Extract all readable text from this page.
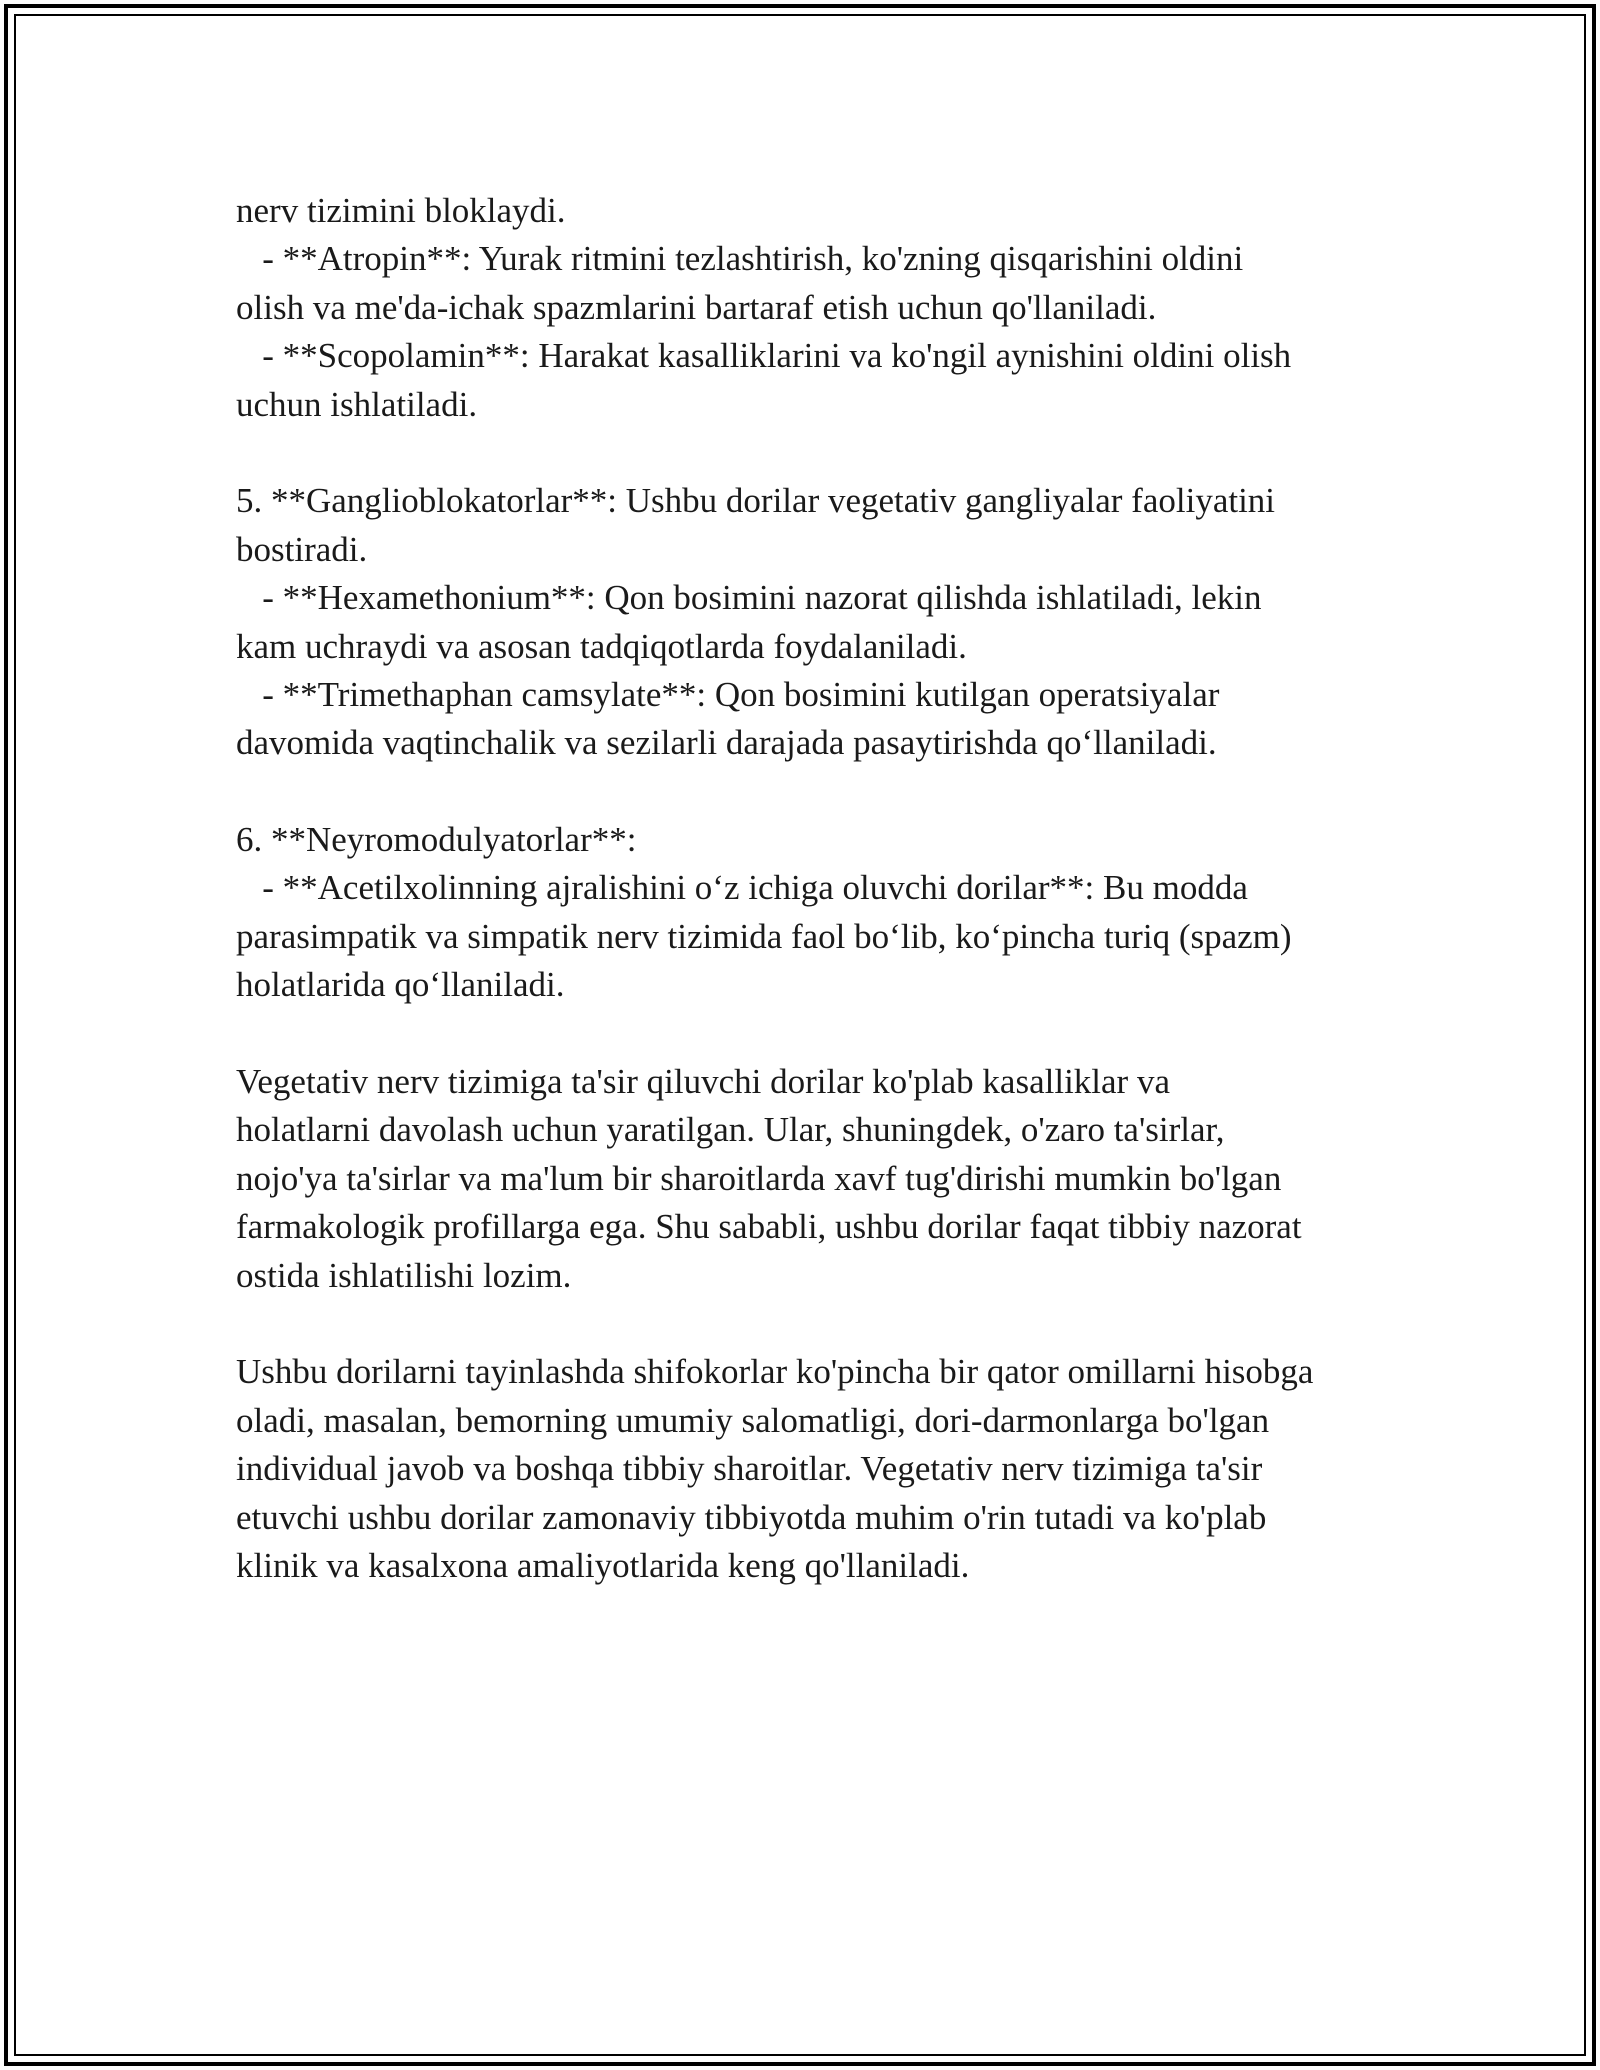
nerv tizimini bloklaydi.
- **Atropin**: Yurak ritmini tezlashtirish, ko'zning qisqarishini oldini
olish va me'da-ichak spazmlarini bartaraf etish uchun qo'llaniladi.
- **Scopolamin**: Harakat kasalliklarini va ko'ngil aynishini oldini olish
uchun ishlatiladi.
5. **Ganglioblokatorlar**: Ushbu dorilar vegetativ gangliyalar faoliyatini
bostiradi.
- **Hexamethonium**: Qon bosimini nazorat qilishda ishlatiladi, lekin
kam uchraydi va asosan tadqiqotlarda foydalaniladi.
- **Trimethaphan camsylate**: Qon bosimini kutilgan operatsiyalar
davomida vaqtinchalik va sezilarli darajada pasaytirishda qo‘llaniladi.
6. **Neyromodulyatorlar**:
- **Acetilxolinning ajralishini o‘z ichiga oluvchi dorilar**: Bu modda
parasimpatik va simpatik nerv tizimida faol bo‘lib, ko‘pincha turiq (spazm)
holatlarida qo‘llaniladi.
Vegetativ nerv tizimiga ta'sir qiluvchi dorilar ko'plab kasalliklar va
holatlarni davolash uchun yaratilgan. Ular, shuningdek, o'zaro ta'sirlar,
nojo'ya ta'sirlar va ma'lum bir sharoitlarda xavf tug'dirishi mumkin bo'lgan
farmakologik profillarga ega. Shu sababli, ushbu dorilar faqat tibbiy nazorat
ostida ishlatilishi lozim.
Ushbu dorilarni tayinlashda shifokorlar ko'pincha bir qator omillarni hisobga
oladi, masalan, bemorning umumiy salomatligi, dori-darmonlarga bo'lgan
individual javob va boshqa tibbiy sharoitlar. Vegetativ nerv tizimiga ta'sir
etuvchi ushbu dorilar zamonaviy tibbiyotda muhim o'rin tutadi va ko'plab
klinik va kasalxona amaliyotlarida keng qo'llaniladi.
